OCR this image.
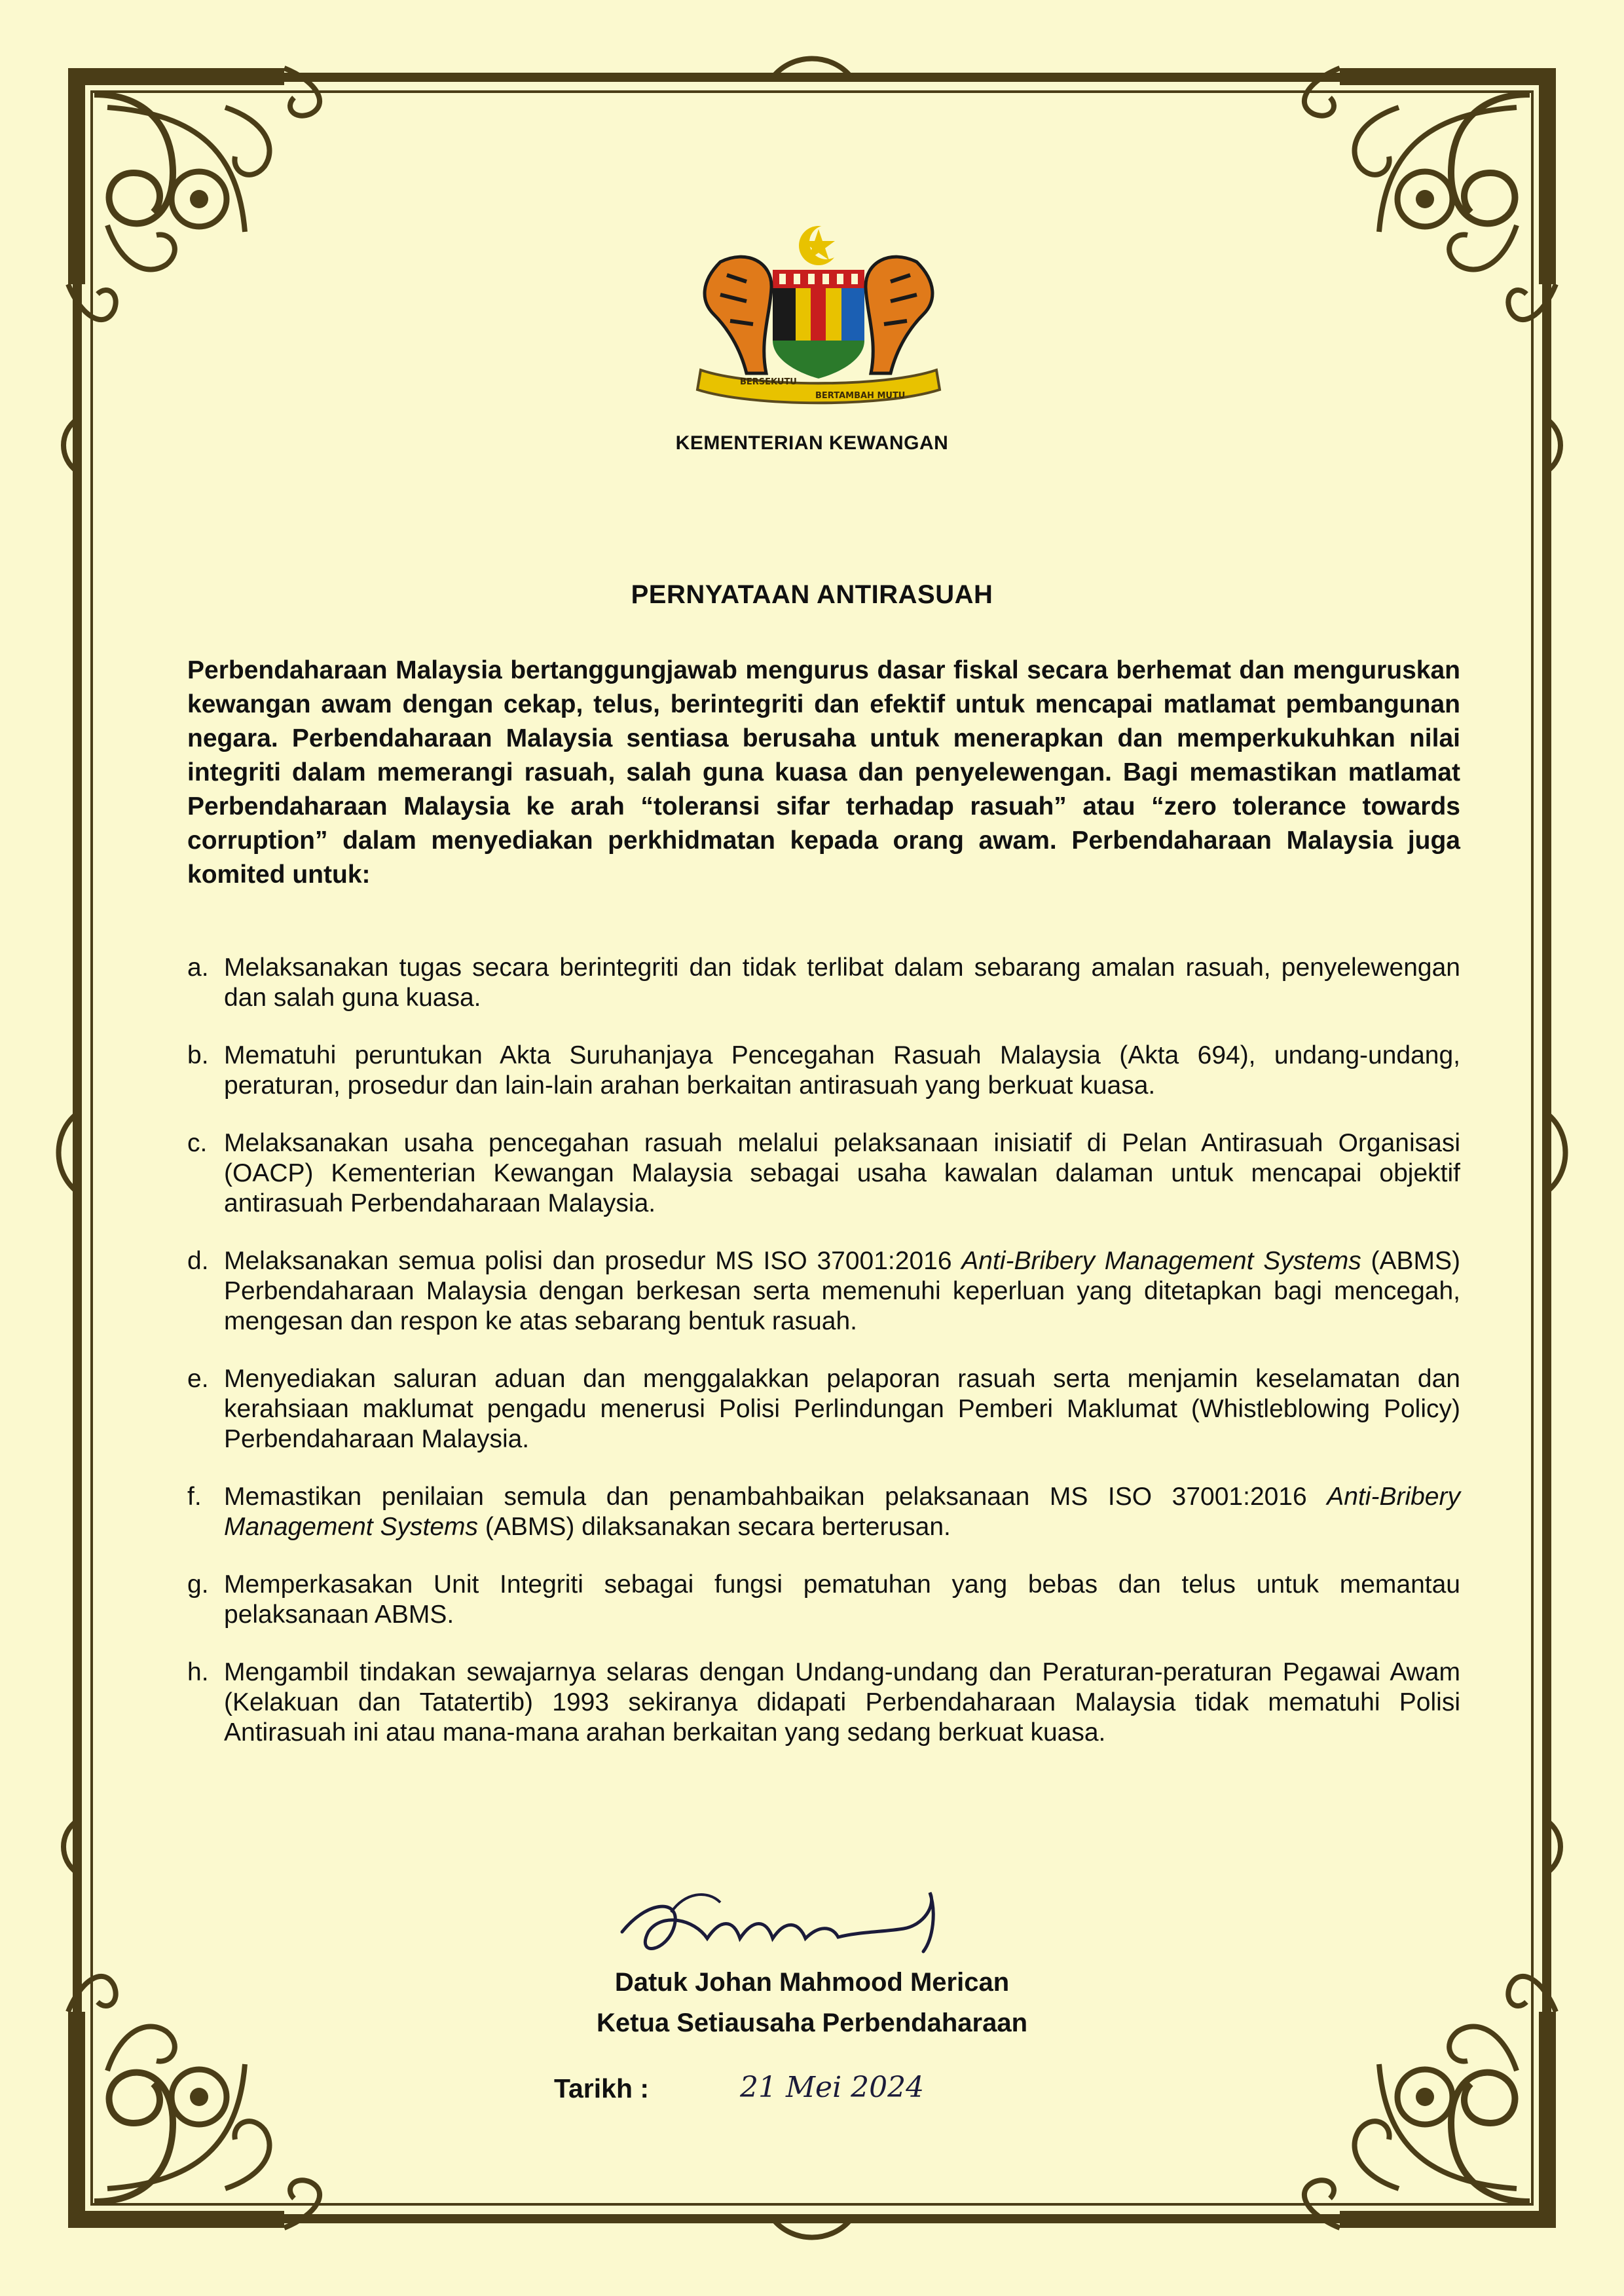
BERSEKUTU
BERTAMBAH MUTU
KEMENTERIAN KEWANGAN
PERNYATAAN ANTIRASUAH
Perbendaharaan Malaysia bertanggungjawab mengurus dasar fiskal secara berhemat dan menguruskan kewangan awam dengan cekap, telus, berintegriti dan efektif untuk mencapai matlamat pembangunan negara. Perbendaharaan Malaysia sentiasa berusaha untuk menerapkan dan memperkukuhkan nilai integriti dalam memerangi rasuah, salah guna kuasa dan penyelewengan. Bagi memastikan matlamat Perbendaharaan Malaysia ke arah “toleransi sifar terhadap rasuah” atau “zero tolerance towards corruption” dalam menyediakan perkhidmatan kepada orang awam. Perbendaharaan Malaysia juga komited untuk:
a. Melaksanakan tugas secara berintegriti dan tidak terlibat dalam sebarang amalan rasuah, penyelewengan dan salah guna kuasa.
b. Mematuhi peruntukan Akta Suruhanjaya Pencegahan Rasuah Malaysia (Akta 694), undang-undang, peraturan, prosedur dan lain-lain arahan berkaitan antirasuah yang berkuat kuasa.
c. Melaksanakan usaha pencegahan rasuah melalui pelaksanaan inisiatif di Pelan Antirasuah Organisasi (OACP) Kementerian Kewangan Malaysia sebagai usaha kawalan dalaman untuk mencapai objektif antirasuah Perbendaharaan Malaysia.
d. Melaksanakan semua polisi dan prosedur MS ISO 37001:2016 Anti-Bribery Management Systems (ABMS) Perbendaharaan Malaysia dengan berkesan serta memenuhi keperluan yang ditetapkan bagi mencegah, mengesan dan respon ke atas sebarang bentuk rasuah.
e. Menyediakan saluran aduan dan menggalakkan pelaporan rasuah serta menjamin keselamatan dan kerahsiaan maklumat pengadu menerusi Polisi Perlindungan Pemberi Maklumat (Whistleblowing Policy) Perbendaharaan Malaysia.
f. Memastikan penilaian semula dan penambahbaikan pelaksanaan MS ISO 37001:2016 Anti-Bribery Management Systems (ABMS) dilaksanakan secara berterusan.
g. Memperkasakan Unit Integriti sebagai fungsi pematuhan yang bebas dan telus untuk memantau pelaksanaan ABMS.
h. Mengambil tindakan sewajarnya selaras dengan Undang-undang dan Peraturan-peraturan Pegawai Awam (Kelakuan dan Tatatertib) 1993 sekiranya didapati Perbendaharaan Malaysia tidak mematuhi Polisi Antirasuah ini atau mana-mana arahan berkaitan yang sedang berkuat kuasa.
Datuk Johan Mahmood Merican
Ketua Setiausaha Perbendaharaan
Tarikh :	21 Mei 2024
